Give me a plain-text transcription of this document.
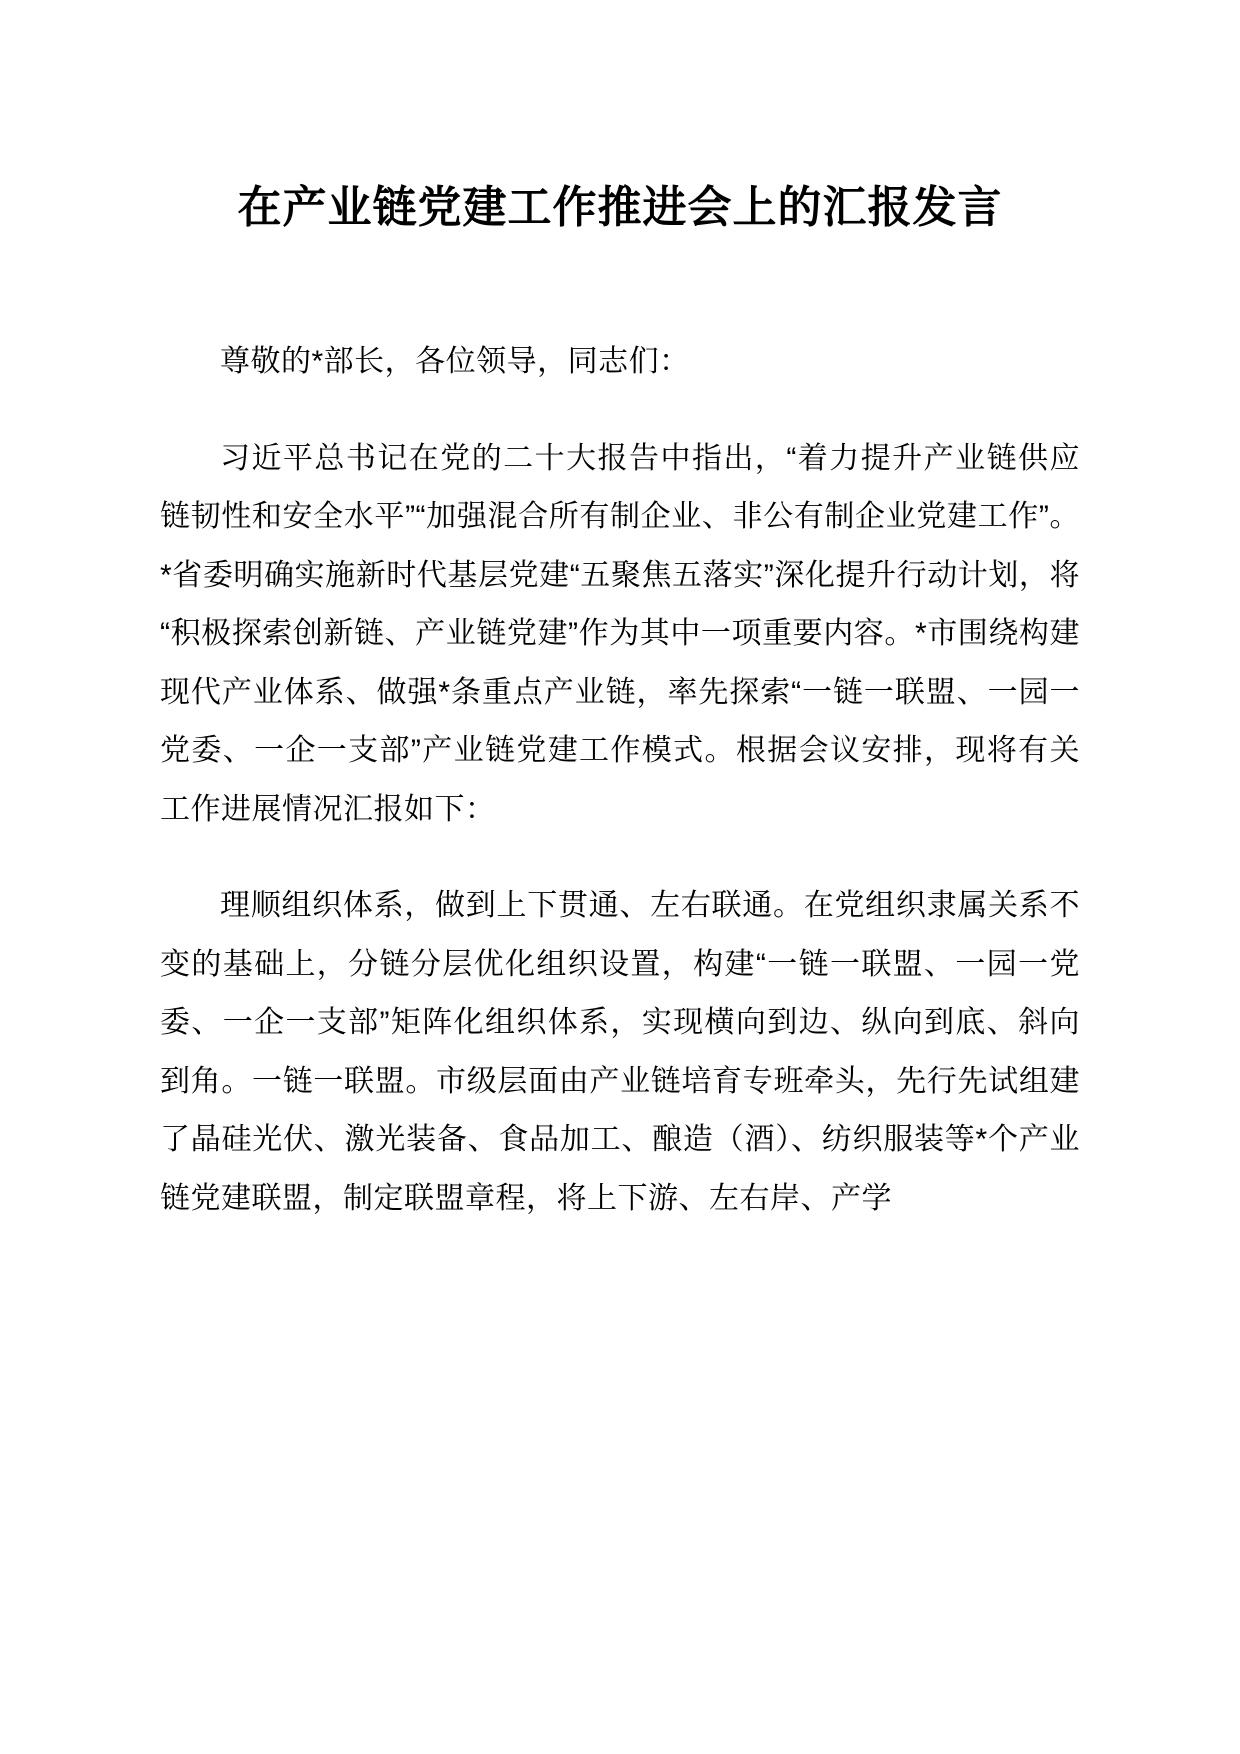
在产业链党建工作推进会上的汇报发言

尊敬的*部长，各位领导，同志们：

习近平总书记在党的二十大报告中指出，“着力提升产业链供应链韧性和安全水平”“加强混合所有制企业、非公有制企业党建工作”。*省委明确实施新时代基层党建“五聚焦五落实”深化提升行动计划，将“积极探索创新链、产业链党建”作为其中一项重要内容。*市围绕构建现代产业体系、做强*条重点产业链，率先探索“一链一联盟、一园一党委、一企一支部”产业链党建工作模式。根据会议安排，现将有关工作进展情况汇报如下：

理顺组织体系，做到上下贯通、左右联通。在党组织隶属关系不变的基础上，分链分层优化组织设置，构建“一链一联盟、一园一党委、一企一支部”矩阵化组织体系，实现横向到边、纵向到底、斜向到角。一链一联盟。市级层面由产业链培育专班牵头，先行先试组建了晶硅光伏、激光装备、食品加工、酿造（酒）、纺织服装等*个产业链党建联盟，制定联盟章程，将上下游、左右岸、产学
